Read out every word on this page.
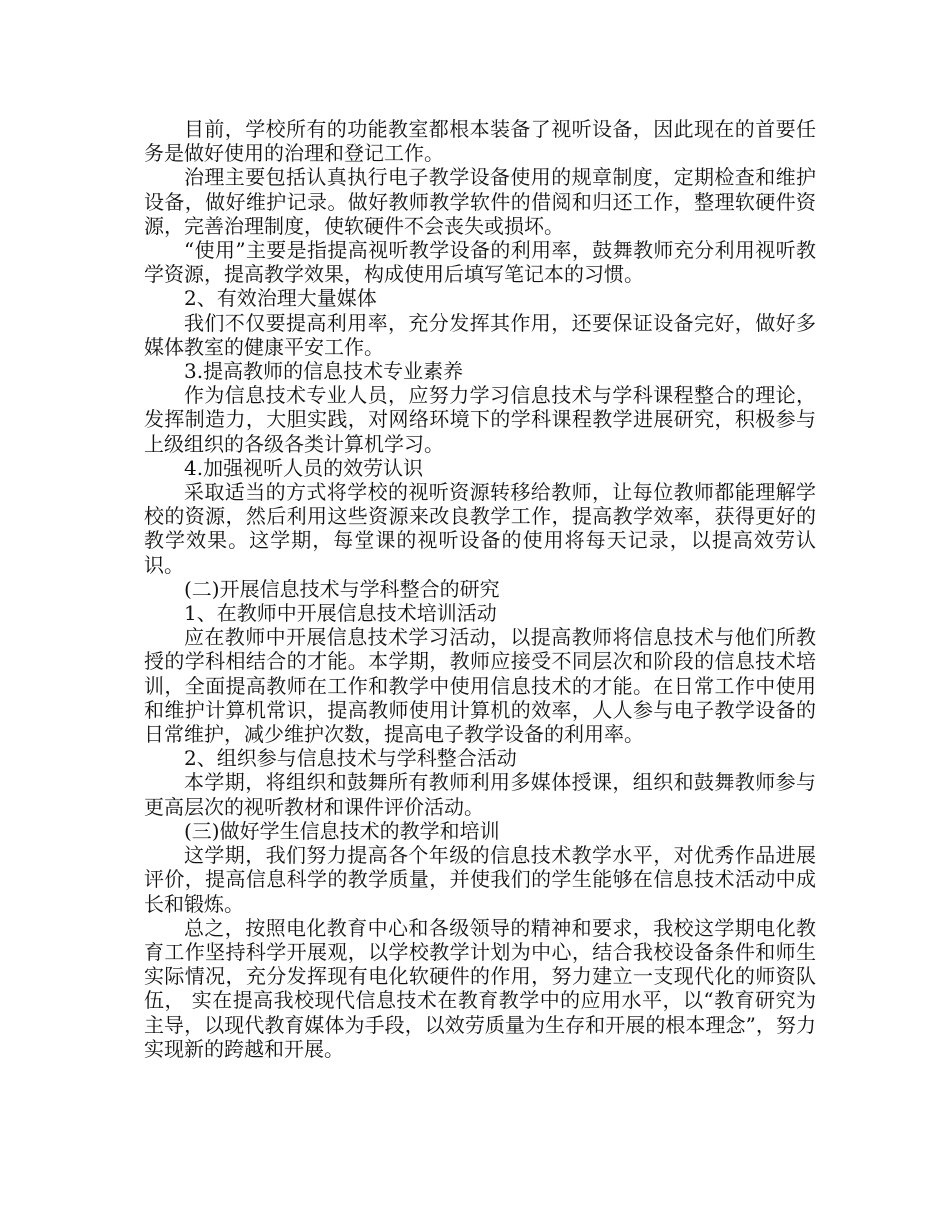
目前，学校所有的功能教室都根本装备了视听设备，因此现在的首要任务是做好使用的治理和登记工作。

治理主要包括认真执行电子教学设备使用的规章制度，定期检查和维护设备，做好维护记录。做好教师教学软件的借阅和归还工作，整理软硬件资源，完善治理制度，使软硬件不会丧失或损坏。

“使用”主要是指提高视听教学设备的利用率，鼓舞教师充分利用视听教学资源，提高教学效果，构成使用后填写笔记本的习惯。

2、有效治理大量媒体

我们不仅要提高利用率，充分发挥其作用，还要保证设备完好，做好多媒体教室的健康平安工作。

3.提高教师的信息技术专业素养

作为信息技术专业人员，应努力学习信息技术与学科课程整合的理论，发挥制造力，大胆实践，对网络环境下的学科课程教学进展研究，积极参与上级组织的各级各类计算机学习。

4.加强视听人员的效劳认识

采取适当的方式将学校的视听资源转移给教师，让每位教师都能理解学校的资源，然后利用这些资源来改良教学工作，提高教学效率，获得更好的教学效果。这学期，每堂课的视听设备的使用将每天记录，以提高效劳认识。

(二)开展信息技术与学科整合的研究

1、在教师中开展信息技术培训活动

应在教师中开展信息技术学习活动，以提高教师将信息技术与他们所教授的学科相结合的才能。本学期，教师应接受不同层次和阶段的信息技术培训，全面提高教师在工作和教学中使用信息技术的才能。在日常工作中使用和维护计算机常识，提高教师使用计算机的效率，人人参与电子教学设备的日常维护，减少维护次数，提高电子教学设备的利用率。

2、组织参与信息技术与学科整合活动

本学期，将组织和鼓舞所有教师利用多媒体授课，组织和鼓舞教师参与更高层次的视听教材和课件评价活动。

(三)做好学生信息技术的教学和培训

这学期，我们努力提高各个年级的信息技术教学水平，对优秀作品进展评价，提高信息科学的教学质量，并使我们的学生能够在信息技术活动中成长和锻炼。

总之，按照电化教育中心和各级领导的精神和要求，我校这学期电化教育工作坚持科学开展观，以学校教学计划为中心，结合我校设备条件和师生实际情况，充分发挥现有电化软硬件的作用，努力建立一支现代化的师资队伍， 实在提高我校现代信息技术在教育教学中的应用水平，以“教育研究为主导，以现代教育媒体为手段，以效劳质量为生存和开展的根本理念”，努力实现新的跨越和开展。
